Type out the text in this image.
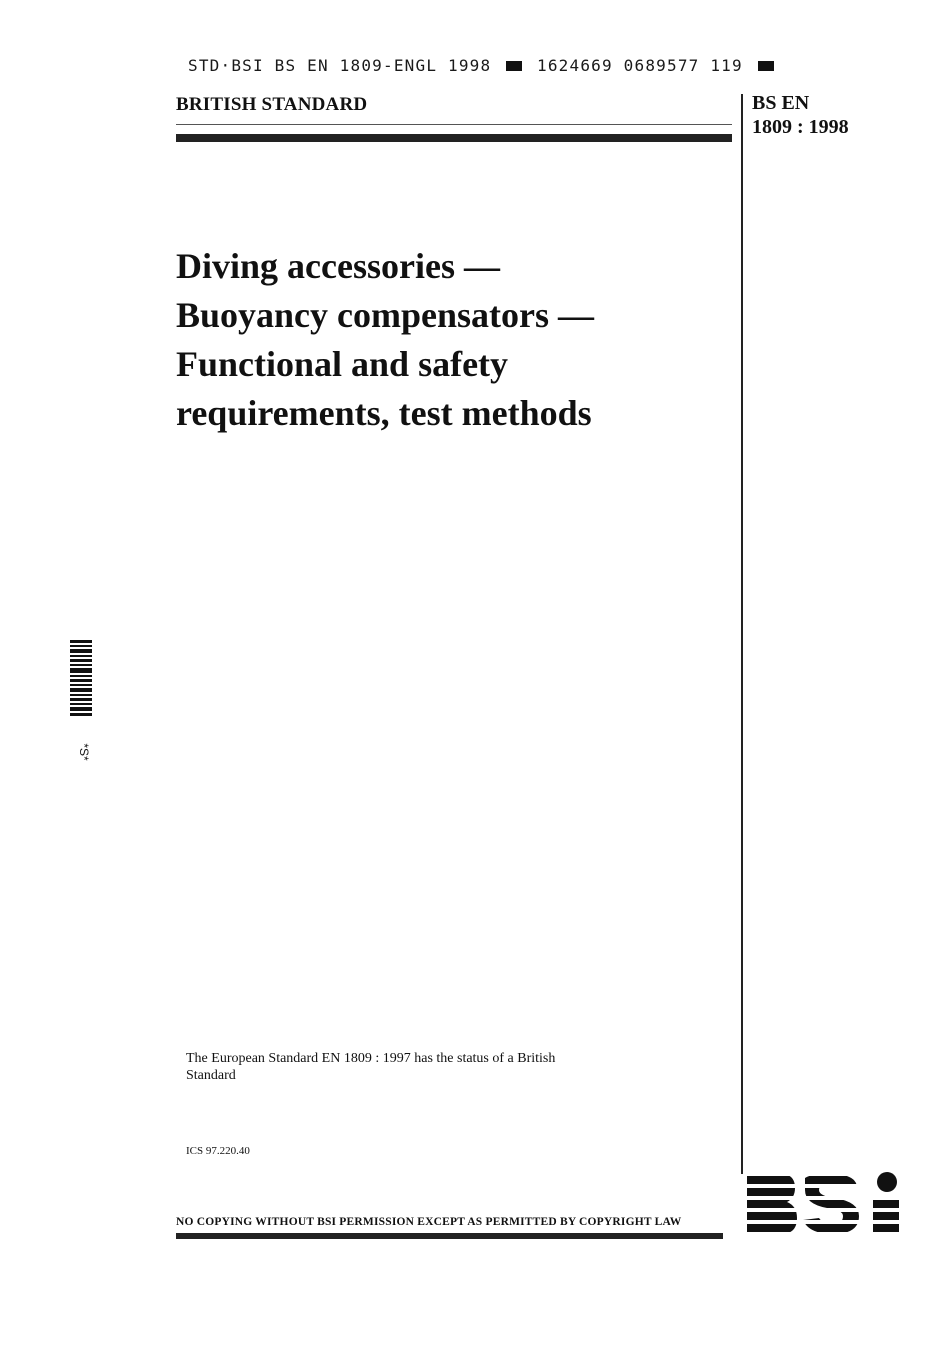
STD·BSI BS EN 1809-ENGL 1998	1624669 0689577 119
BRITISH STANDARD	BS EN
1809 : 1998
Diving accessories —
Buoyancy compensators —
Functional and safety
requirements, test methods
The European Standard EN 1809 : 1997 has the status of a British Standard
ICS 97.220.40
NO COPYING WITHOUT BSI PERMISSION EXCEPT AS PERMITTED BY COPYRIGHT LAW
*S*
